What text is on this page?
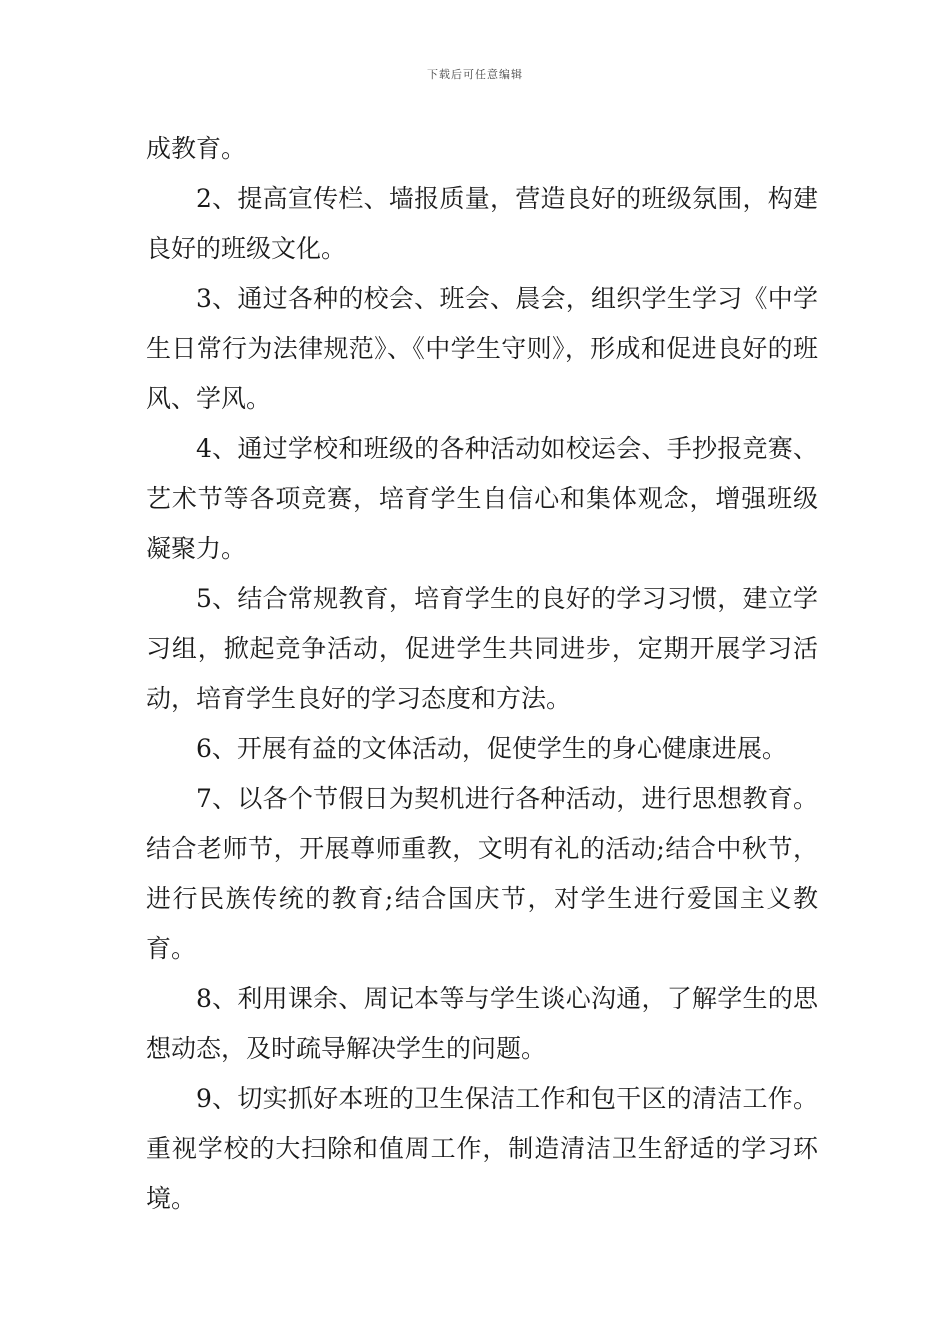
下载后可任意编辑

成教育。

2、提高宣传栏、墙报质量，营造良好的班级氛围，构建良好的班级文化。

3、通过各种的校会、班会、晨会，组织学生学习《中学生日常行为法律规范》、《中学生守则》，形成和促进良好的班风、学风。

4、通过学校和班级的各种活动如校运会、手抄报竞赛、艺术节等各项竞赛，培育学生自信心和集体观念，增强班级凝聚力。

5、结合常规教育，培育学生的良好的学习习惯，建立学习组，掀起竞争活动，促进学生共同进步，定期开展学习活动，培育学生良好的学习态度和方法。

6、开展有益的文体活动，促使学生的身心健康进展。

7、以各个节假日为契机进行各种活动，进行思想教育。结合老师节，开展尊师重教，文明有礼的活动;结合中秋节，进行民族传统的教育;结合国庆节，对学生进行爱国主义教育。

8、利用课余、周记本等与学生谈心沟通，了解学生的思想动态，及时疏导解决学生的问题。

9、切实抓好本班的卫生保洁工作和包干区的清洁工作。重视学校的大扫除和值周工作，制造清洁卫生舒适的学习环境。
